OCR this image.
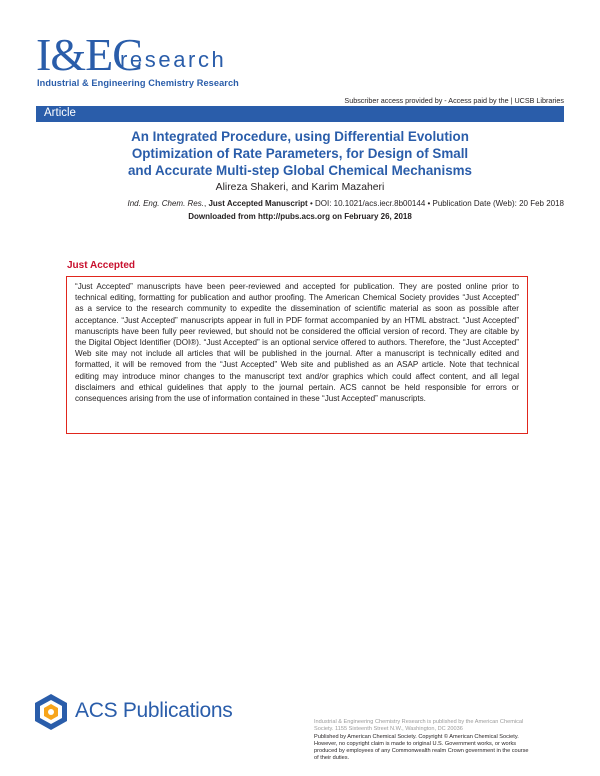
I&EC
research
Industrial & Engineering Chemistry Research
Subscriber access provided by - Access paid by the | UCSB Libraries
Article
An Integrated Procedure, using Differential Evolution
Optimization of Rate Parameters, for Design of Small
and Accurate Multi-step Global Chemical Mechanisms
Alireza Shakeri, and Karim Mazaheri
Ind. Eng. Chem. Res., Just Accepted Manuscript • DOI: 10.1021/acs.iecr.8b00144 • Publication Date (Web): 20 Feb 2018
Downloaded from http://pubs.acs.org on February 26, 2018
Just Accepted

“Just Accepted” manuscripts have been peer-reviewed and accepted for publication. They are posted online prior to technical editing, formatting for publication and author proofing. The American Chemical Society provides “Just Accepted” as a service to the research community to expedite the dissemination of scientific material as soon as possible after acceptance. “Just Accepted” manuscripts appear in full in PDF format accompanied by an HTML abstract. “Just Accepted” manuscripts have been fully peer reviewed, but should not be considered the official version of record. They are citable by the Digital Object Identifier (DOI®). “Just Accepted” is an optional service offered to authors. Therefore, the “Just Accepted” Web site may not include all articles that will be published in the journal. After a manuscript is technically edited and formatted, it will be removed from the “Just Accepted” Web site and published as an ASAP article. Note that technical editing may introduce minor changes to the manuscript text and/or graphics which could affect content, and all legal disclaimers and ethical guidelines that apply to the journal pertain. ACS cannot be held responsible for errors or consequences arising from the use of information contained in these “Just Accepted” manuscripts.

ACS Publications	Industrial & Engineering Chemistry Research is published by the American Chemical
Society. 1155 Sixteenth Street N.W., Washington, DC 20036
Published by American Chemical Society. Copyright © American Chemical Society.
However, no copyright claim is made to original U.S. Government works, or works
produced by employees of any Commonwealth realm Crown government in the course
of their duties.
